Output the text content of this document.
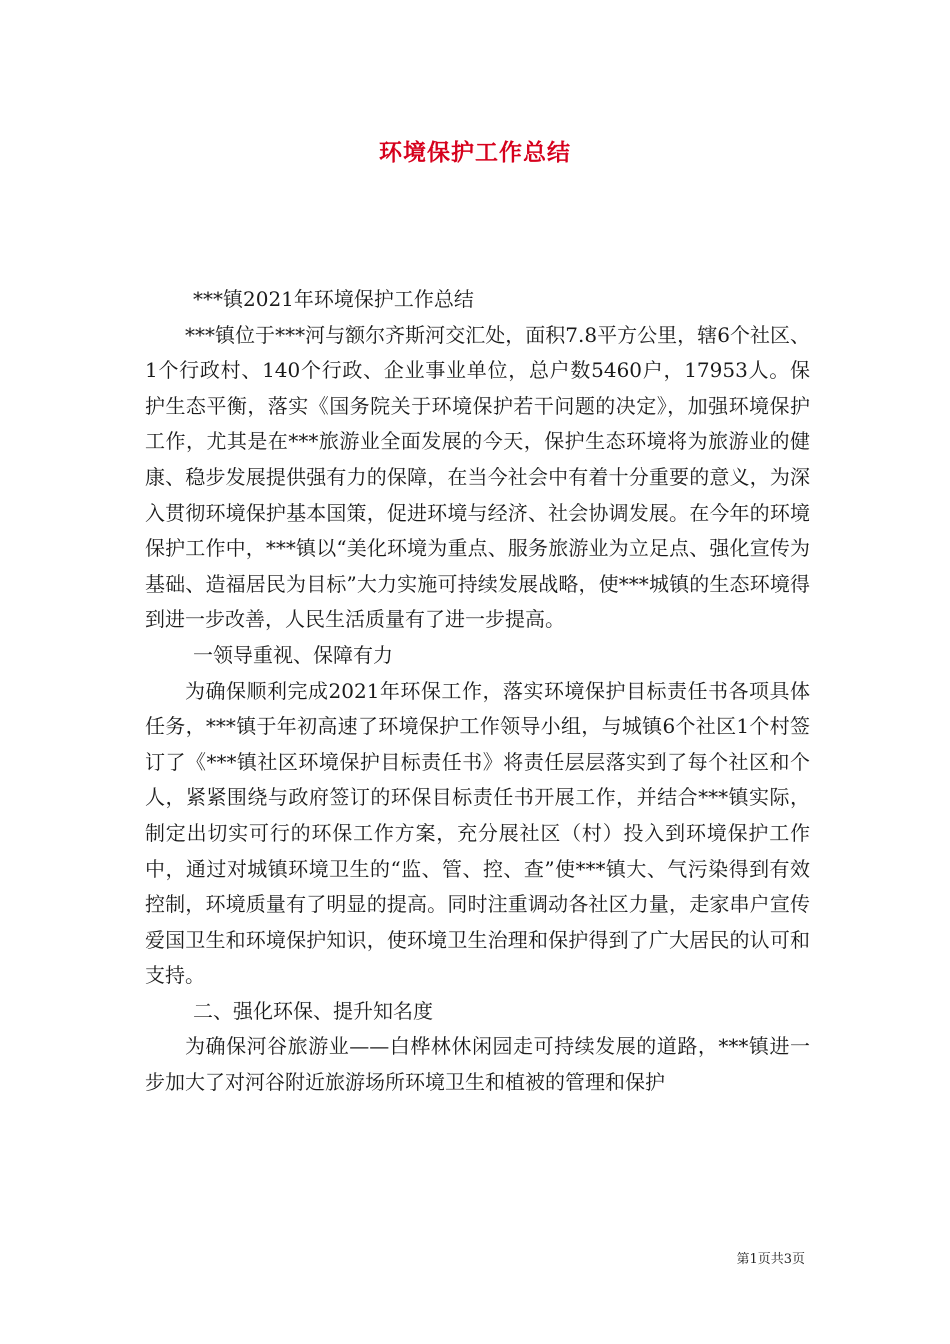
环境保护工作总结

***镇2021年环境保护工作总结

***镇位于***河与额尔齐斯河交汇处，面积7.8平方公里，辖6个社区、1个行政村、140个行政、企业事业单位，总户数5460户，17953人。保护生态平衡，落实《国务院关于环境保护若干问题的决定》，加强环境保护工作，尤其是在***旅游业全面发展的今天，保护生态环境将为旅游业的健康、稳步发展提供强有力的保障，在当今社会中有着十分重要的意义，为深入贯彻环境保护基本国策，促进环境与经济、社会协调发展。在今年的环境保护工作中，***镇以“美化环境为重点、服务旅游业为立足点、强化宣传为基础、造福居民为目标”大力实施可持续发展战略，使***城镇的生态环境得到进一步改善，人民生活质量有了进一步提高。

一领导重视、保障有力

为确保顺利完成2021年环保工作，落实环境保护目标责任书各项具体任务，***镇于年初高速了环境保护工作领导小组，与城镇6个社区1个村签订了《***镇社区环境保护目标责任书》将责任层层落实到了每个社区和个人，紧紧围绕与政府签订的环保目标责任书开展工作，并结合***镇实际，制定出切实可行的环保工作方案，充分展社区（村）投入到环境保护工作中，通过对城镇环境卫生的“监、管、控、查”使***镇大、气污染得到有效控制，环境质量有了明显的提高。同时注重调动各社区力量，走家串户宣传爱国卫生和环境保护知识，使环境卫生治理和保护得到了广大居民的认可和支持。

二、强化环保、提升知名度

为确保河谷旅游业——白桦林休闲园走可持续发展的道路，***镇进一步加大了对河谷附近旅游场所环境卫生和植被的管理和保护

第1页共3页
